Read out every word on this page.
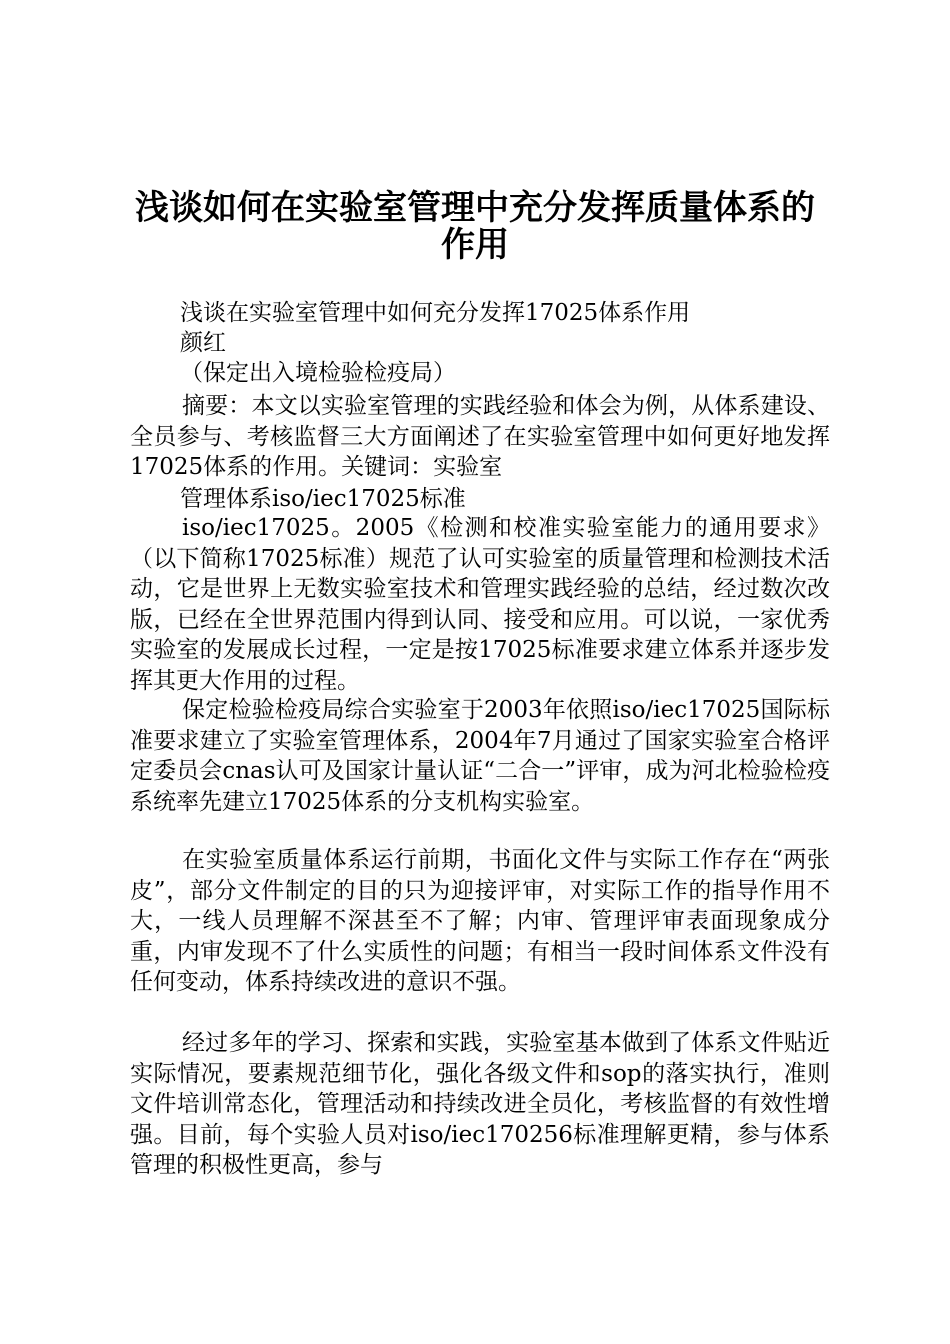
浅谈如何在实验室管理中充分发挥质量体系的
作用

浅谈在实验室管理中如何充分发挥17025体系作用

颜红

（保定出入境检验检疫局）

摘要：本文以实验室管理的实践经验和体会为例，从体系建设、全员参与、考核监督三大方面阐述了在实验室管理中如何更好地发挥17025体系的作用。关键词：实验室

管理体系iso/iec17025标准

iso/iec17025。2005《检测和校准实验室能力的通用要求》（以下简称17025标准）规范了认可实验室的质量管理和检测技术活动，它是世界上无数实验室技术和管理实践经验的总结，经过数次改版，已经在全世界范围内得到认同、接受和应用。可以说，一家优秀实验室的发展成长过程，一定是按17025标准要求建立体系并逐步发挥其更大作用的过程。

保定检验检疫局综合实验室于2003年依照iso/iec17025国际标准要求建立了实验室管理体系，2004年7月通过了国家实验室合格评定委员会cnas认可及国家计量认证“二合一”评审，成为河北检验检疫系统率先建立17025体系的分支机构实验室。

在实验室质量体系运行前期，书面化文件与实际工作存在“两张皮”，部分文件制定的目的只为迎接评审，对实际工作的指导作用不大，一线人员理解不深甚至不了解；内审、管理评审表面现象成分重，内审发现不了什么实质性的问题；有相当一段时间体系文件没有任何变动，体系持续改进的意识不强。

经过多年的学习、探索和实践，实验室基本做到了体系文件贴近实际情况，要素规范细节化，强化各级文件和sop的落实执行，准则文件培训常态化，管理活动和持续改进全员化，考核监督的有效性增强。目前，每个实验人员对iso/iec170256标准理解更精，参与体系管理的积极性更高，参与
